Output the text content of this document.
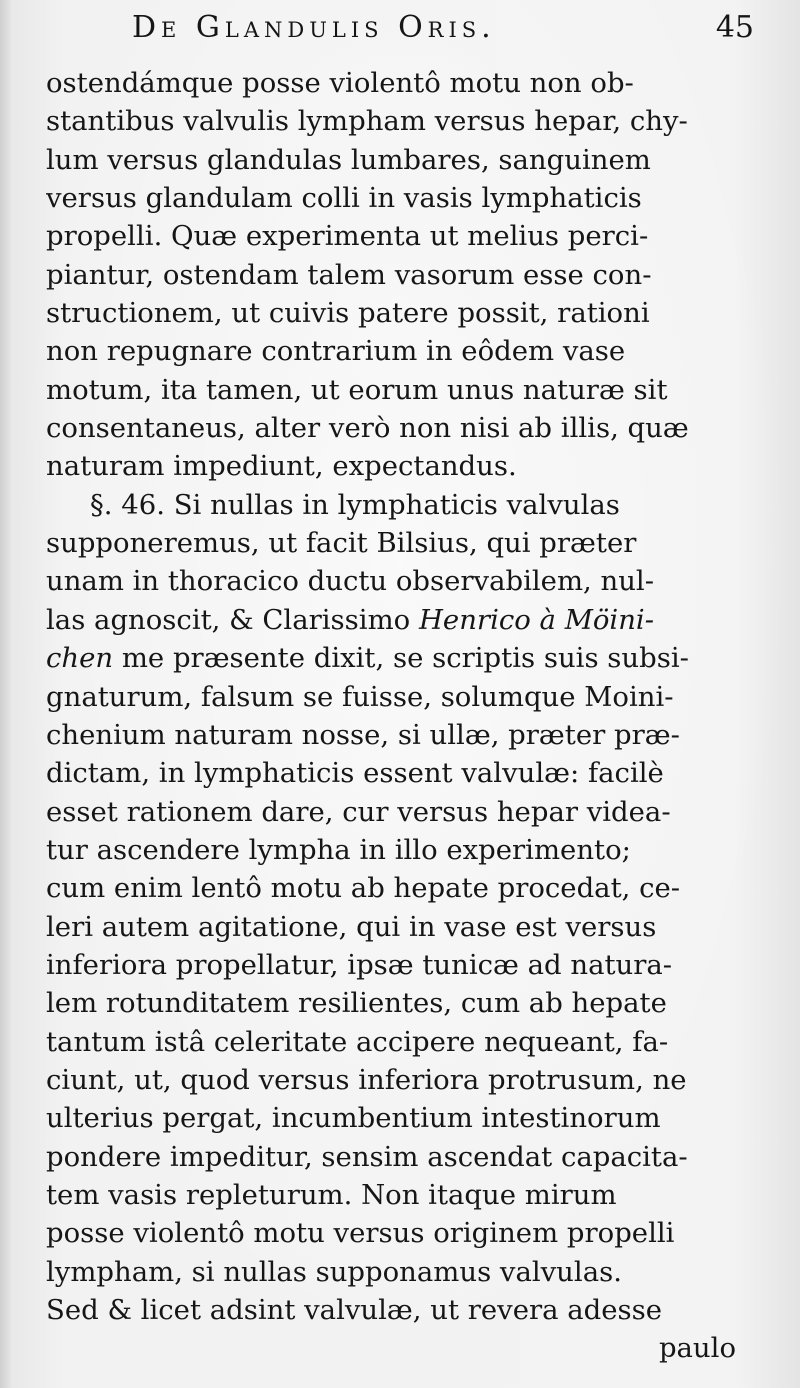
De Glandulis Oris.	45
ostendámque posse violentô motu non ob-
stantibus valvulis lympham versus hepar, chy-
lum versus glandulas lumbares, sanguinem
versus glandulam colli in vasis lymphaticis
propelli. Quæ experimenta ut melius perci-
piantur, ostendam talem vasorum esse con-
structionem, ut cuivis patere possit, rationi
non repugnare contrarium in eôdem vase
motum, ita tamen, ut eorum unus naturæ sit
consentaneus, alter verò non nisi ab illis, quæ
naturam impediunt, expectandus.
§. 46. Si nullas in lymphaticis valvulas
supponeremus, ut facit Bilsius, qui præter
unam in thoracico ductu observabilem, nul-
las agnoscit, & Clarissimo Henrico à Möini-
chen me præsente dixit, se scriptis suis subsi-
gnaturum, falsum se fuisse, solumque Moini-
chenium naturam nosse, si ullæ, præter præ-
dictam, in lymphaticis essent valvulæ: facilè
esset rationem dare, cur versus hepar videa-
tur ascendere lympha in illo experimento;
cum enim lentô motu ab hepate procedat, ce-
leri autem agitatione, qui in vase est versus
inferiora propellatur, ipsæ tunicæ ad natura-
lem rotunditatem resilientes, cum ab hepate
tantum istâ celeritate accipere nequeant, fa-
ciunt, ut, quod versus inferiora protrusum, ne
ulterius pergat, incumbentium intestinorum
pondere impeditur, sensim ascendat capacita-
tem vasis repleturum. Non itaque mirum
posse violentô motu versus originem propelli
lympham, si nullas supponamus valvulas.
Sed & licet adsint valvulæ, ut revera adesse
paulo
